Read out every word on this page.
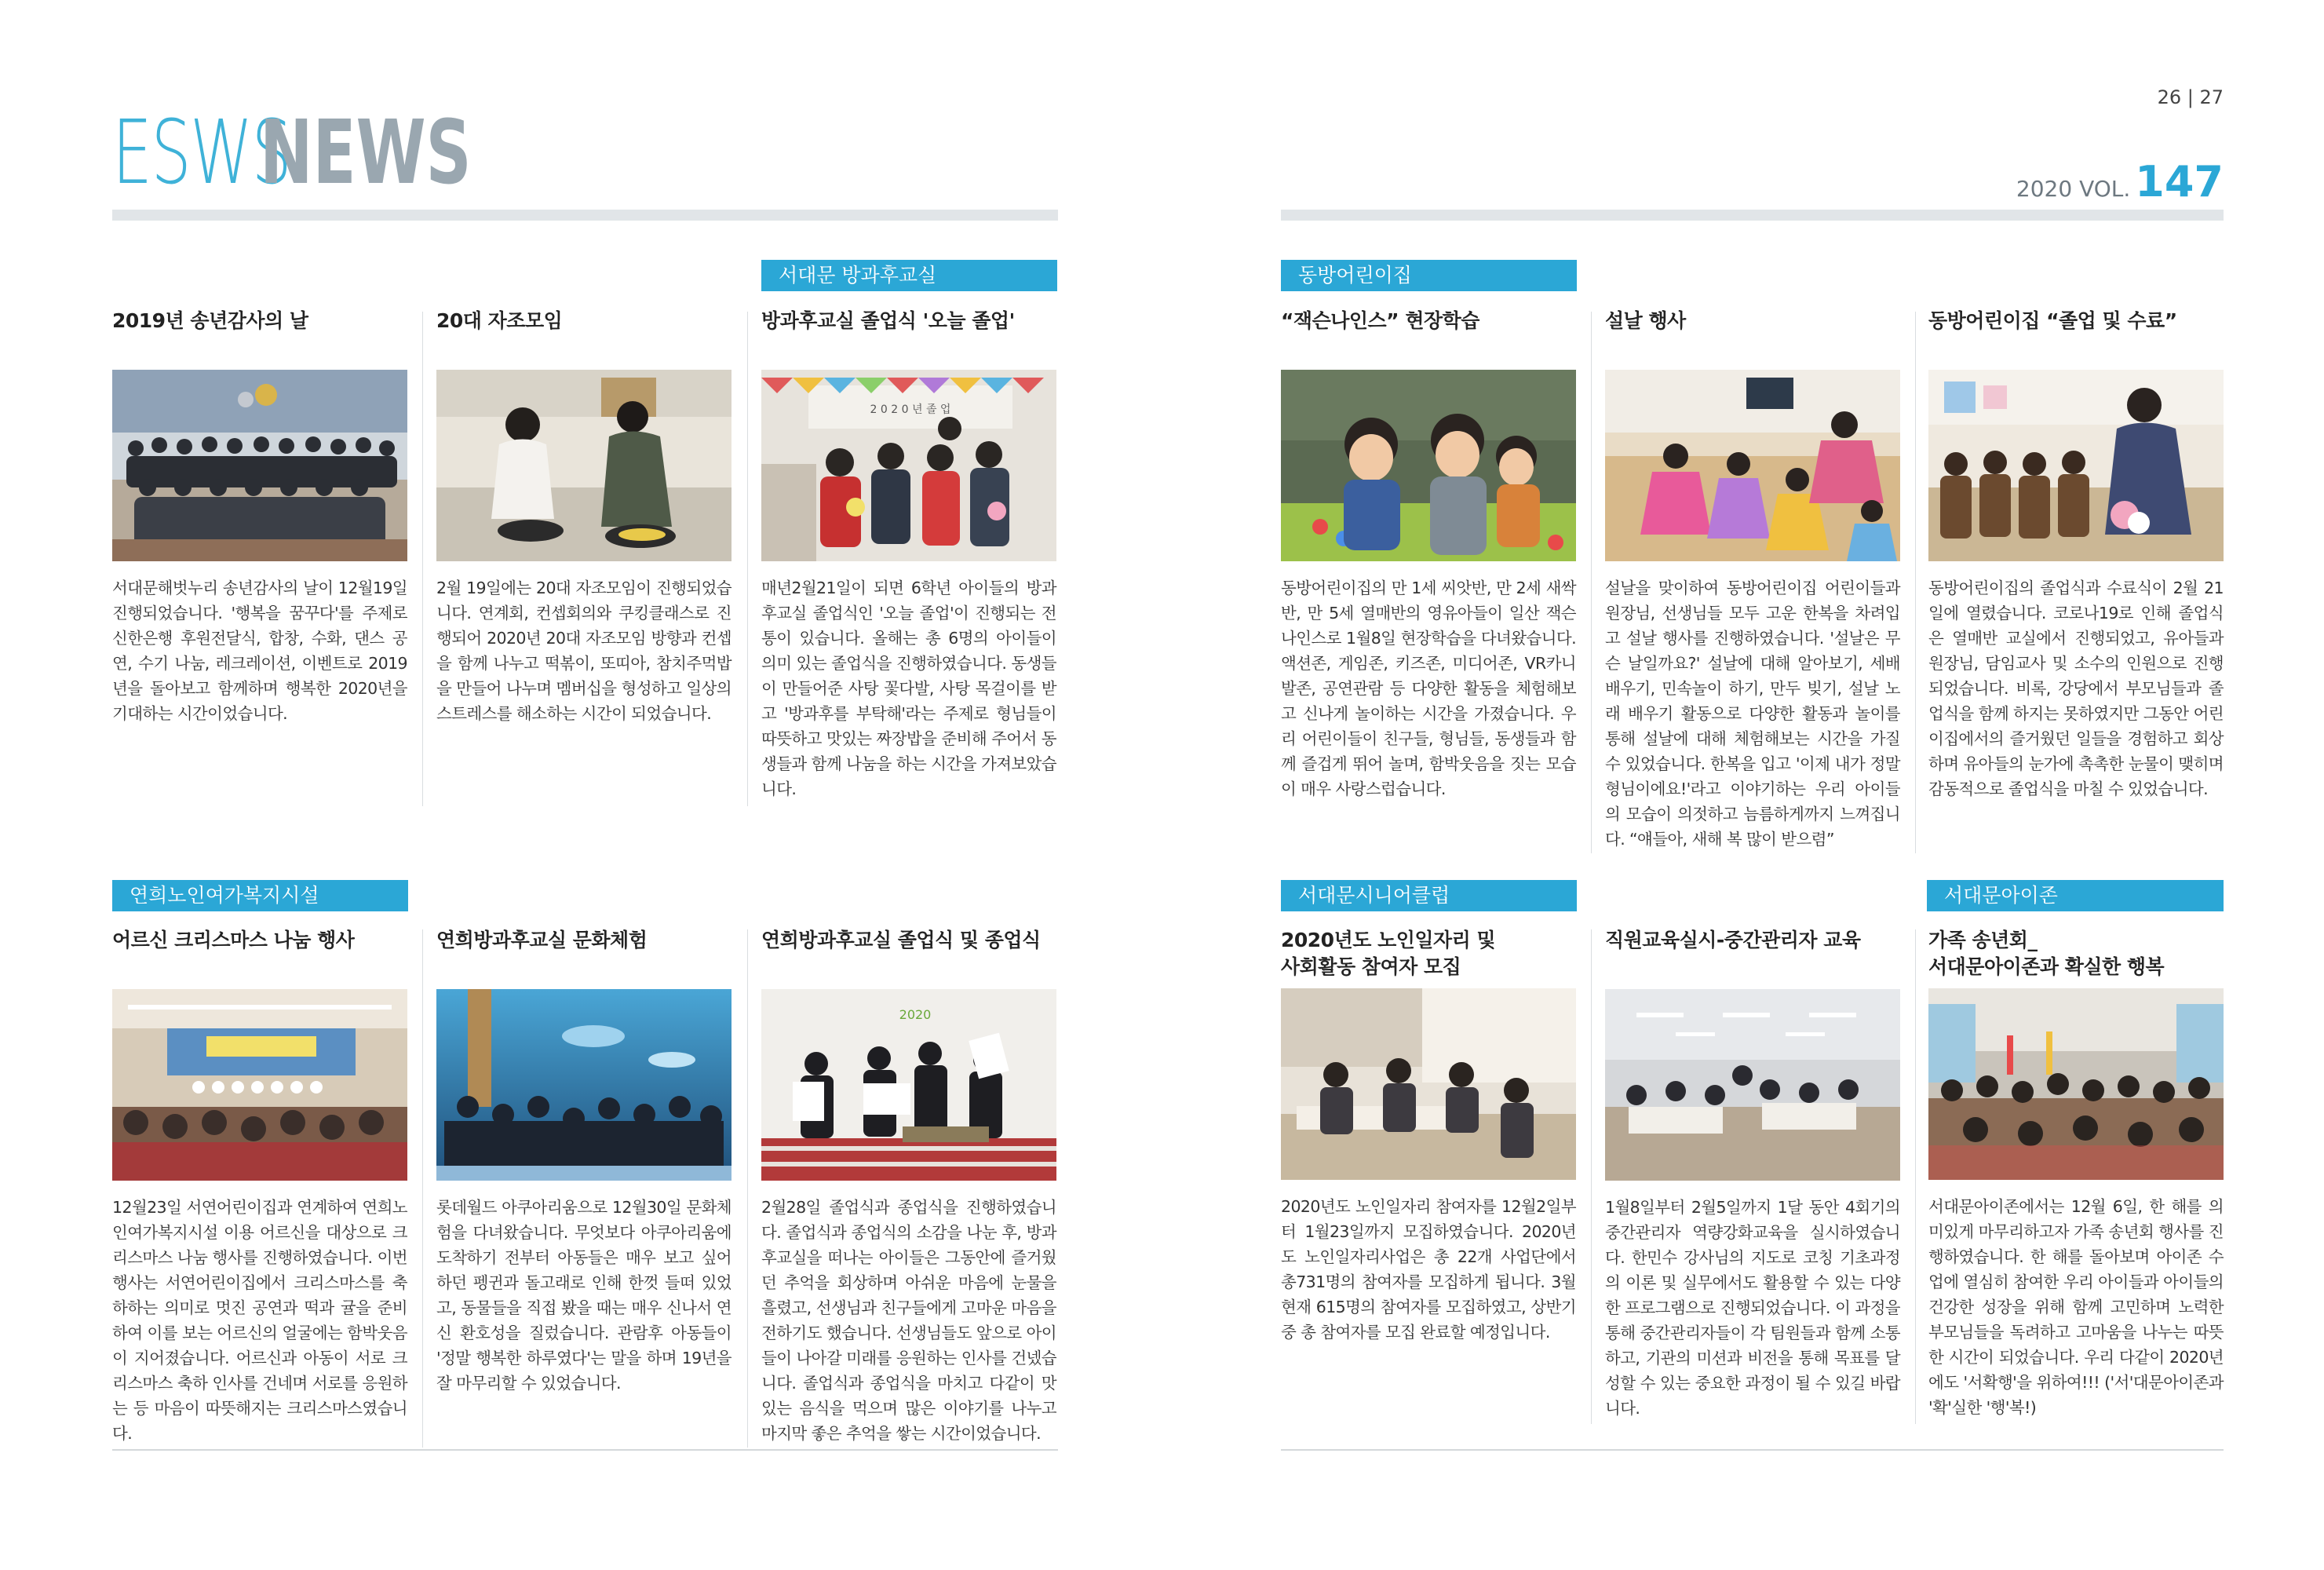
ESWSNEWS
26 | 27
2020 VOL. 147
서대문 방과후교실	동방어린이집
연희노인여가복지시설	서대문시니어클럽	서대문아이존
2019년 송년감사의 날
서대문해벗누리 송년감사의 날이 12월19일 진행되었습니다. '행복을 꿈꾸다'를 주제로 신한은행 후원전달식, 합창, 수화, 댄스 공연, 수기 나눔, 레크레이션, 이벤트로 2019년을 돌아보고 함께하며 행복한 2020년을 기대하는 시간이었습니다.
20대 자조모임
2월 19일에는 20대 자조모임이 진행되었습니다. 연계회, 컨셉회의와 쿠킹클래스로 진행되어 2020년 20대 자조모임 방향과 컨셉을 함께 나누고 떡볶이, 또띠아, 참치주먹밥을 만들어 나누며 멤버십을 형성하고 일상의 스트레스를 해소하는 시간이 되었습니다.
방과후교실 졸업식 '오늘 졸업'
2 0 2 0 년 졸 업
매년2월21일이 되면 6학년 아이들의 방과후교실 졸업식인 '오늘 졸업'이 진행되는 전통이 있습니다. 올해는 총 6명의 아이들이 의미 있는 졸업식을 진행하였습니다. 동생들이 만들어준 사탕 꽃다발, 사탕 목걸이를 받고 '방과후를 부탁해'라는 주제로 형님들이 따뜻하고 맛있는 짜장밥을 준비해 주어서 동생들과 함께 나눔을 하는 시간을 가져보았습니다.
“잭슨나인스” 현장학습
동방어린이집의 만 1세 씨앗반, 만 2세 새싹반, 만 5세 열매반의 영유아들이 일산 잭슨나인스로 1월8일 현장학습을 다녀왔습니다. 액션존, 게임존, 키즈존, 미디어존, VR카니발존, 공연관람 등 다양한 활동을 체험해보고 신나게 놀이하는 시간을 가졌습니다. 우리 어린이들이 친구들, 형님들, 동생들과 함께 즐겁게 뛰어 놀며, 함박웃음을 짓는 모습이 매우 사랑스럽습니다.
설날 행사
설날을 맞이하여 동방어린이집 어린이들과 원장님, 선생님들 모두 고운 한복을 차려입고 설날 행사를 진행하였습니다. '설날은 무슨 날일까요?' 설날에 대해 알아보기, 세배 배우기, 민속놀이 하기, 만두 빚기, 설날 노래 배우기 활동으로 다양한 활동과 놀이를 통해 설날에 대해 체험해보는 시간을 가질 수 있었습니다. 한복을 입고 '이제 내가 정말 형님이에요!'라고 이야기하는 우리 아이들의 모습이 의젓하고 늠름하게까지 느껴집니다. “얘들아, 새해 복 많이 받으렴”
동방어린이집 “졸업 및 수료”
동방어린이집의 졸업식과 수료식이 2월 21일에 열렸습니다. 코로나19로 인해 졸업식은 열매반 교실에서 진행되었고, 유아들과 원장님, 담임교사 및 소수의 인원으로 진행되었습니다. 비록, 강당에서 부모님들과 졸업식을 함께 하지는 못하였지만 그동안 어린이집에서의 즐거웠던 일들을 경험하고 회상하며 유아들의 눈가에 촉촉한 눈물이 맺히며 감동적으로 졸업식을 마칠 수 있었습니다.
어르신 크리스마스 나눔 행사
12월23일 서연어린이집과 연계하여 연희노인여가복지시설 이용 어르신을 대상으로 크리스마스 나눔 행사를 진행하였습니다. 이번 행사는 서연어린이집에서 크리스마스를 축하하는 의미로 멋진 공연과 떡과 귤을 준비하여 이를 보는 어르신의 얼굴에는 함박웃음이 지어졌습니다. 어르신과 아동이 서로 크리스마스 축하 인사를 건네며 서로를 응원하는 등 마음이 따뜻해지는 크리스마스였습니다.
연희방과후교실 문화체험
롯데월드 아쿠아리움으로 12월30일 문화체험을 다녀왔습니다. 무엇보다 아쿠아리움에 도착하기 전부터 아동들은 매우 보고 싶어 하던 펭귄과 돌고래로 인해 한껏 들떠 있었고, 동물들을 직접 봤을 때는 매우 신나서 연신 환호성을 질렀습니다. 관람후 아동들이 '정말 행복한 하루였다'는 말을 하며 19년을 잘 마무리할 수 있었습니다.
연희방과후교실 졸업식 및 종업식
2020
2월28일 졸업식과 종업식을 진행하였습니다. 졸업식과 종업식의 소감을 나눈 후, 방과후교실을 떠나는 아이들은 그동안에 즐거웠던 추억을 회상하며 아쉬운 마음에 눈물을 흘렸고, 선생님과 친구들에게 고마운 마음을 전하기도 했습니다. 선생님들도 앞으로 아이들이 나아갈 미래를 응원하는 인사를 건넸습니다. 졸업식과 종업식을 마치고 다같이 맛있는 음식을 먹으며 많은 이야기를 나누고 마지막 좋은 추억을 쌓는 시간이었습니다.
2020년도 노인일자리 및
사회활동 참여자 모집
2020년도 노인일자리 참여자를 12월2일부터 1월23일까지 모집하였습니다. 2020년도 노인일자리사업은 총 22개 사업단에서 총731명의 참여자를 모집하게 됩니다. 3월 현재 615명의 참여자를 모집하였고, 상반기 중 총 참여자를 모집 완료할 예정입니다.
직원교육실시-중간관리자 교육
1월8일부터 2월5일까지 1달 동안 4회기의 중간관리자 역량강화교육을 실시하였습니다. 한민수 강사님의 지도로 코칭 기초과정의 이론 및 실무에서도 활용할 수 있는 다양한 프로그램으로 진행되었습니다. 이 과정을 통해 중간관리자들이 각 팀원들과 함께 소통하고, 기관의 미션과 비전을 통해 목표를 달성할 수 있는 중요한 과정이 될 수 있길 바랍니다.
가족 송년회_
서대문아이존과 확실한 행복
서대문아이존에서는 12월 6일, 한 해를 의미있게 마무리하고자 가족 송년회 행사를 진행하였습니다. 한 해를 돌아보며 아이존 수업에 열심히 참여한 우리 아이들과 아이들의 건강한 성장을 위해 함께 고민하며 노력한 부모님들을 독려하고 고마움을 나누는 따뜻한 시간이 되었습니다. 우리 다같이 2020년에도 '서확행'을 위하여!!! ('서'대문아이존과 '확'실한 '행'복!)
